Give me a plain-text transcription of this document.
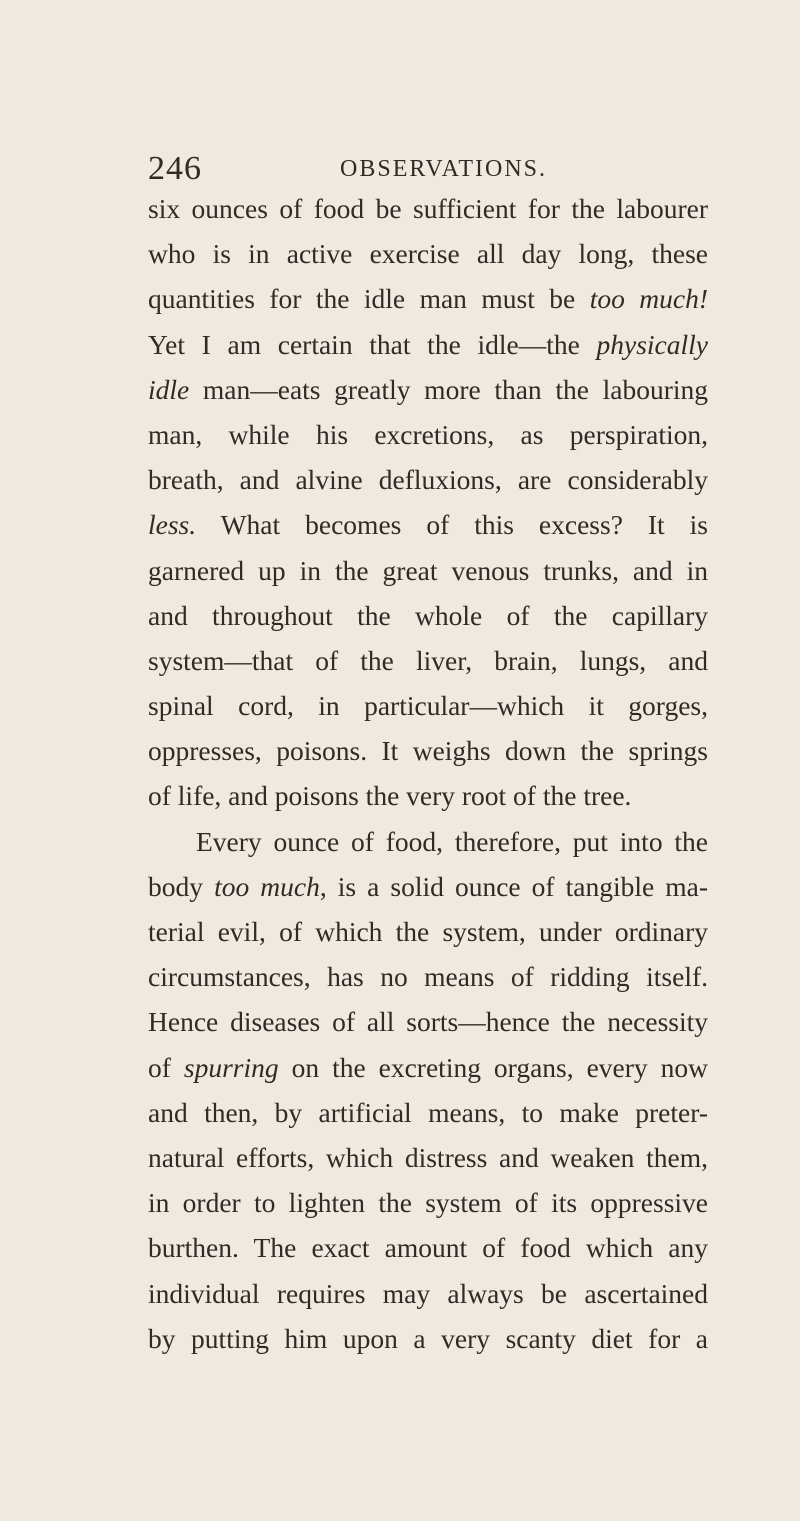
246	OBSERVATIONS.
six ounces of food be sufficient for the labourer
who is in active exercise all day long, these
quantities for the idle man must be too much!
Yet I am certain that the idle—the physically
idle man—eats greatly more than the labouring
man, while his excretions, as perspiration,
breath, and alvine defluxions, are considerably
less. What becomes of this excess? It is
garnered up in the great venous trunks, and in
and throughout the whole of the capillary
system—that of the liver, brain, lungs, and
spinal cord, in particular—which it gorges,
oppresses, poisons. It weighs down the springs
of life, and poisons the very root of the tree.
Every ounce of food, therefore, put into the
body too much, is a solid ounce of tangible ma-
terial evil, of which the system, under ordinary
circumstances, has no means of ridding itself.
Hence diseases of all sorts—hence the necessity
of spurring on the excreting organs, every now
and then, by artificial means, to make preter-
natural efforts, which distress and weaken them,
in order to lighten the system of its oppressive
burthen. The exact amount of food which any
individual requires may always be ascertained
by putting him upon a very scanty diet for a
